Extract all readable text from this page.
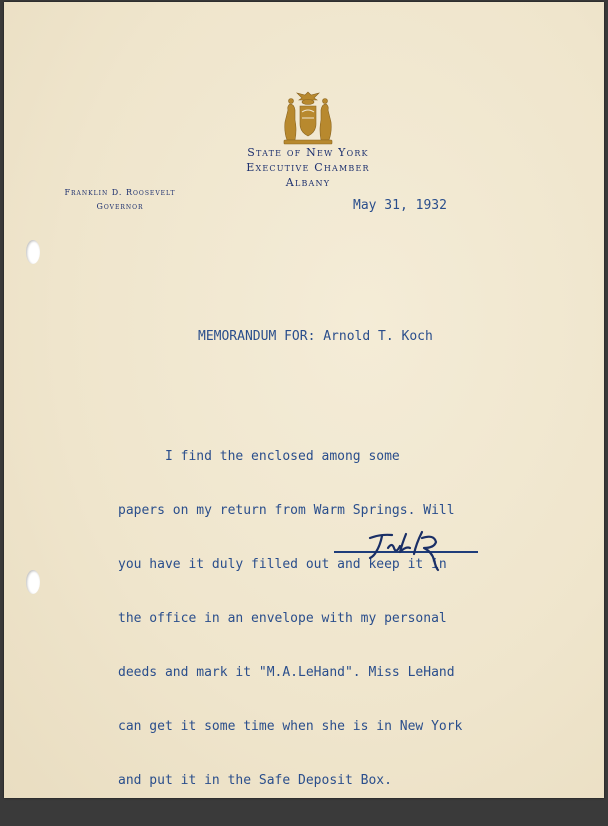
State of New York
Executive Chamber
Albany
Franklin D. Roosevelt
Governor	May 31, 1932
MEMORANDUM FOR: Arnold T. Koch

I find the enclosed among some

papers on my return from Warm Springs. Will

you have it duly filled out and keep it in

the office in an envelope with my personal

deeds and mark it "M.A.LeHand". Miss LeHand

can get it some time when she is in New York

and put it in the Safe Deposit Box.
